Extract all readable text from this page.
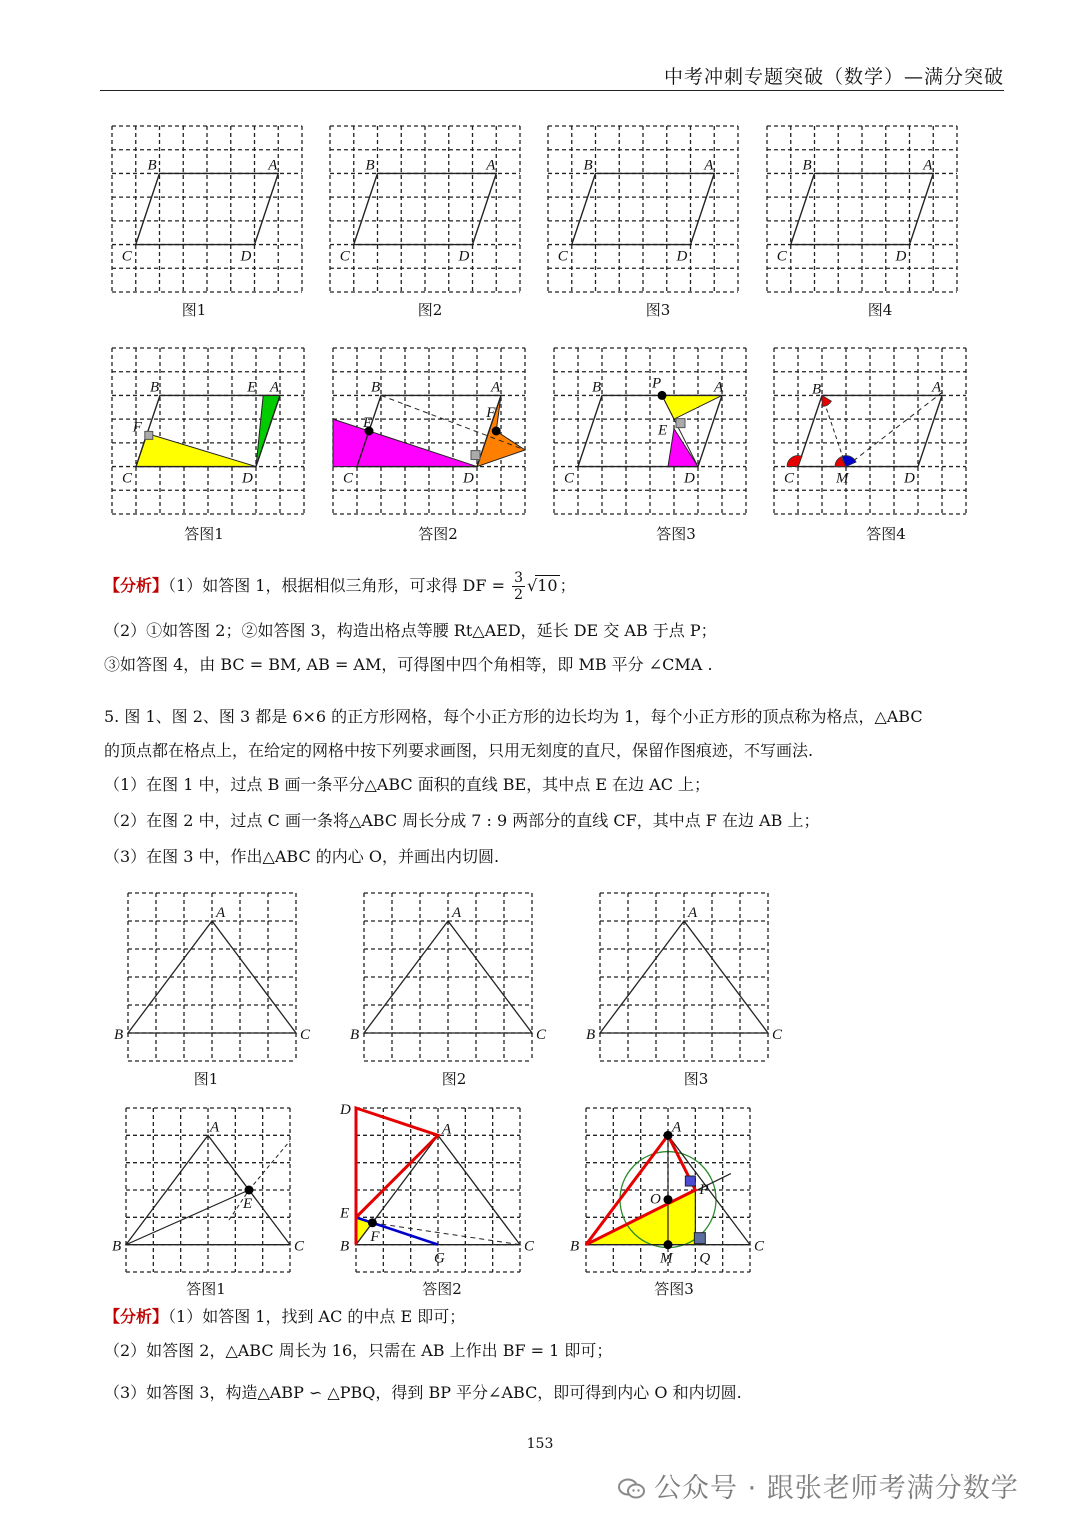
中考冲刺专题突破（数学）—满分突破
B	A
C	D
B	A
C	D
B	A
C	D
B	A
C	D
B	E A
F
C	D
B	A
E
F
C	D
B	P	A
E
C	D
B	A
C	M	D
A
B	C
A
B	C
A
B	C
A
B	C
E
D
A
E
F
B
G
C
A
O
P
B
M Q
C
图1	图2	图3	图4
答图1	答图2	答图3	答图4
【分析】（1）如答图 1，根据相似三角形，可求得 DF = $\frac{3}{2} √10$ ；
（2）①如答图 2；②如答图 3，构造出格点等腰 Rt△AED，延长 DE 交 AB 于点 P；
③如答图 4，由 BC = BM, AB = AM，可得图中四个角相等，即 MB 平分 ∠CMA .
5. 图 1、图 2、图 3 都是 6×6 的正方形网格，每个小正方形的边长均为 1，每个小正方形的顶点称为格点，△ABC
的顶点都在格点上，在给定的网格中按下列要求画图，只用无刻度的直尺，保留作图痕迹，不写画法.
（1）在图 1 中，过点 B 画一条平分△ABC 面积的直线 BE，其中点 E 在边 AC 上；
（2）在图 2 中，过点 C 画一条将△ABC 周长分成 7 : 9 两部分的直线 CF，其中点 F 在边 AB 上；
（3）在图 3 中，作出△ABC 的内心 O，并画出内切圆.
图1	图2	图3
答图1	答图2	答图3
【分析】（1）如答图 1，找到 AC 的中点 E 即可；
（2）如答图 2，△ABC 周长为 16，只需在 AB 上作出 BF = 1 即可；
（3）如答图 3，构造△ABP ∽ △PBQ，得到 BP 平分∠ABC，即可得到内心 O 和内切圆.
153
公众号 · 跟张老师考满分数学
